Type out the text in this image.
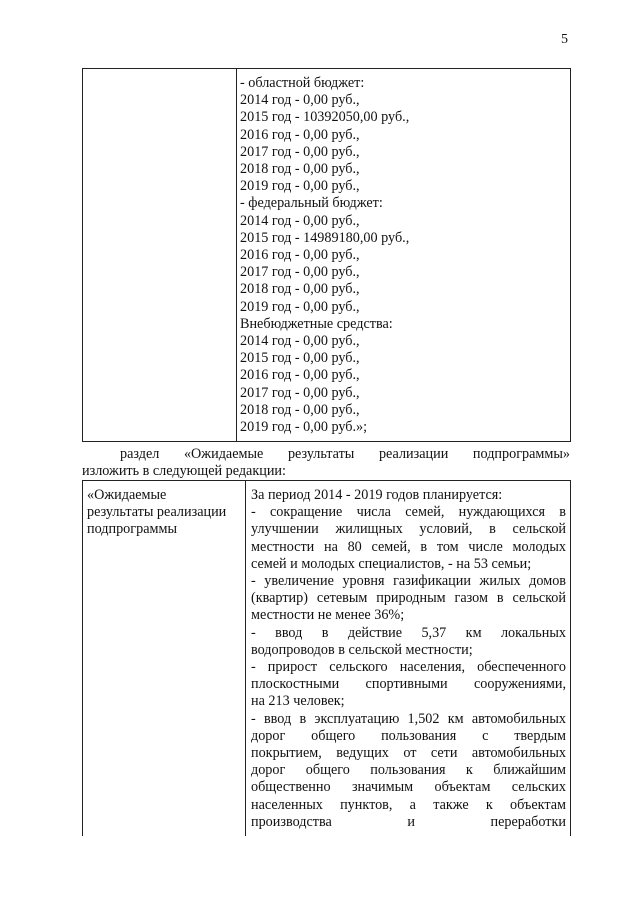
5
- областной бюджет:
2014 год - 0,00 руб.,
2015 год - 10392050,00 руб.,
2016 год - 0,00 руб.,
2017 год - 0,00 руб.,
2018 год - 0,00 руб.,
2019 год - 0,00 руб.,
- федеральный бюджет:
2014 год - 0,00 руб.,
2015 год - 14989180,00 руб.,
2016 год - 0,00 руб.,
2017 год - 0,00 руб.,
2018 год - 0,00 руб.,
2019 год - 0,00 руб.,
Внебюджетные средства:
2014 год - 0,00 руб.,
2015 год - 0,00 руб.,
2016 год - 0,00 руб.,
2017 год - 0,00 руб.,
2018 год - 0,00 руб.,
2019 год - 0,00 руб.»;
раздел «Ожидаемые результаты реализации подпрограммы»
изложить в следующей редакции:
«Ожидаемые
результаты реализации
подпрограммы
За период 2014 - 2019 годов планируется:
- сокращение числа семей, нуждающихся в
улучшении жилищных условий, в сельской
местности на 80 семей, в том числе молодых
семей и молодых специалистов, - на 53 семьи;
- увеличение уровня газификации жилых домов
(квартир) сетевым природным газом в сельской
местности не менее 36%;
- ввод в действие 5,37 км локальных
водопроводов в сельской местности;
- прирост сельского населения, обеспеченного
плоскостными спортивными сооружениями,
на 213 человек;
- ввод в эксплуатацию 1,502 км автомобильных
дорог общего пользования с твердым
покрытием, ведущих от сети автомобильных
дорог общего пользования к ближайшим
общественно значимым объектам сельских
населенных пунктов, а также к объектам
производства и переработки
